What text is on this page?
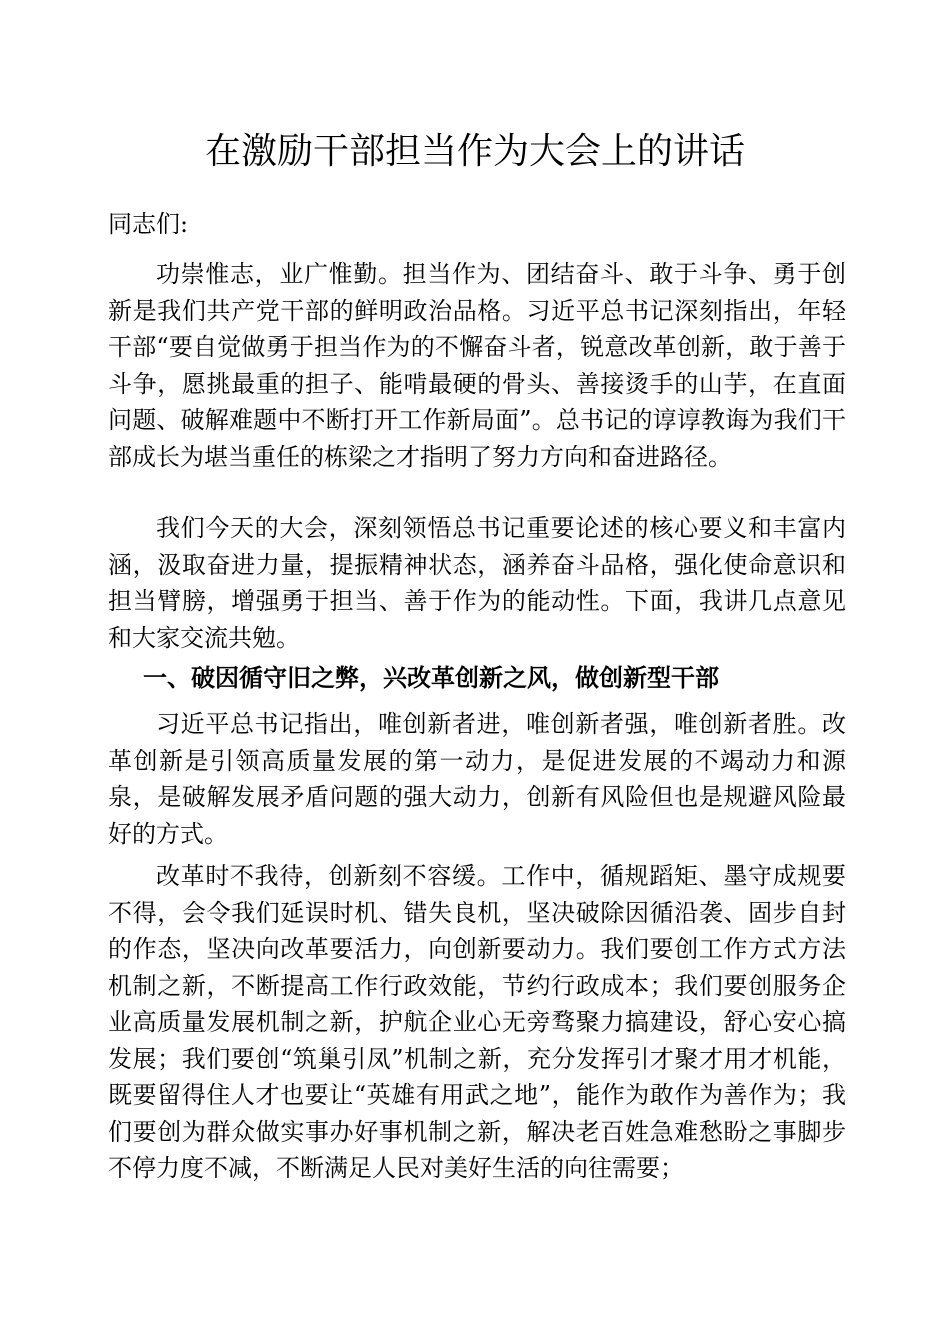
在激励干部担当作为大会上的讲话
同志们:

功崇惟志，业广惟勤。担当作为、团结奋斗、敢于斗争、勇于创新是我们共产党干部的鲜明政治品格。习近平总书记深刻指出，年轻干部“要自觉做勇于担当作为的不懈奋斗者，锐意改革创新，敢于善于斗争，愿挑最重的担子、能啃最硬的骨头、善接烫手的山芋，在直面问题、破解难题中不断打开工作新局面”。总书记的谆谆教诲为我们干部成长为堪当重任的栋梁之才指明了努力方向和奋进路径。

我们今天的大会，深刻领悟总书记重要论述的核心要义和丰富内涵，汲取奋进力量，提振精神状态，涵养奋斗品格，强化使命意识和担当臂膀，增强勇于担当、善于作为的能动性。下面，我讲几点意见和大家交流共勉。

一、破因循守旧之弊，兴改革创新之风，做创新型干部

习近平总书记指出，唯创新者进，唯创新者强，唯创新者胜。改革创新是引领高质量发展的第一动力，是促进发展的不竭动力和源泉，是破解发展矛盾问题的强大动力，创新有风险但也是规避风险最好的方式。

改革时不我待，创新刻不容缓。工作中，循规蹈矩、墨守成规要不得，会令我们延误时机、错失良机，坚决破除因循沿袭、固步自封的作态，坚决向改革要活力，向创新要动力。我们要创工作方式方法机制之新，不断提高工作行政效能，节约行政成本；我们要创服务企业高质量发展机制之新，护航企业心无旁骛聚力搞建设，舒心安心搞发展；我们要创“筑巢引凤”机制之新，充分发挥引才聚才用才机能，既要留得住人才也要让“英雄有用武之地”，能作为敢作为善作为；我们要创为群众做实事办好事机制之新，解决老百姓急难愁盼之事脚步不停力度不减，不断满足人民对美好生活的向往需要；
